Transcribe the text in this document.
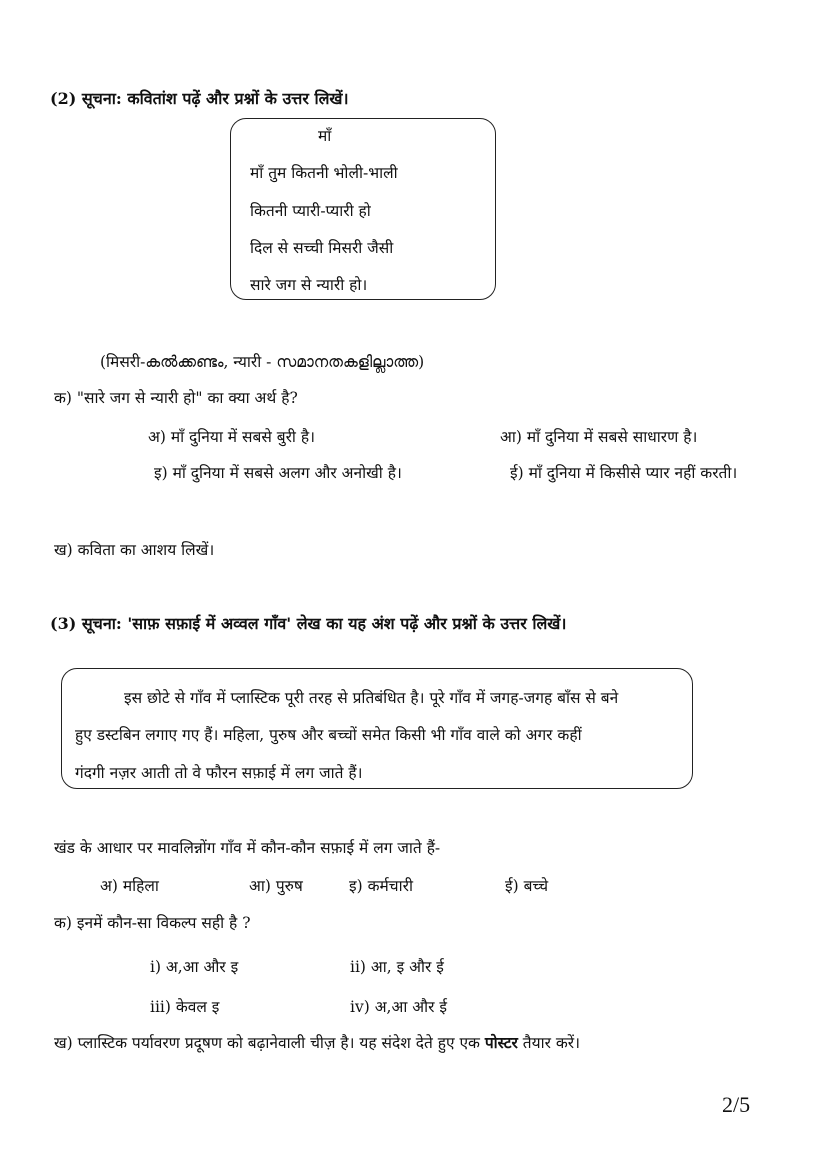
(2) सूचना: कवितांश पढ़ें और प्रश्नों के उत्तर लिखें।
माँ
माँ तुम कितनी भोली-भाली
कितनी प्यारी-प्यारी हो
दिल से सच्ची मिसरी जैसी
सारे जग से न्यारी हो।
(मिसरी-കൽക്കണ്ടം, न्यारी - സമാനതകളില്ലാത്ത)
क) "सारे जग से न्यारी हो" का क्या अर्थ है?
अ) माँ दुनिया में सबसे बुरी है।	आ) माँ दुनिया में सबसे साधारण है।
इ) माँ दुनिया में सबसे अलग और अनोखी है।	ई) माँ दुनिया में किसीसे प्यार नहीं करती।
ख) कविता का आशय लिखें।
(3) सूचना: 'साफ़ सफ़ाई में अव्वल गाँव' लेख का यह अंश पढ़ें और प्रश्नों के उत्तर लिखें।
इस छोटे से गाँव में प्लास्टिक पूरी तरह से प्रतिबंधित है। पूरे गाँव में जगह-जगह बाँस से बने
हुए डस्टबिन लगाए गए हैं। महिला, पुरुष और बच्चों समेत किसी भी गाँव वाले को अगर कहीं
गंदगी नज़र आती तो वे फौरन सफ़ाई में लग जाते हैं।
खंड के आधार पर मावलिन्नोंग गाँव में कौन-कौन सफ़ाई में लग जाते हैं-
अ) महिला	आ) पुरुष	इ) कर्मचारी	ई) बच्चे
क) इनमें कौन-सा विकल्प सही है ?
i) अ,आ और इ	ii) आ, इ और ई
iii) केवल इ	iv) अ,आ और ई
ख) प्लास्टिक पर्यावरण प्रदूषण को बढ़ानेवाली चीज़ है। यह संदेश देते हुए एक पोस्टर तैयार करें।
2/5
